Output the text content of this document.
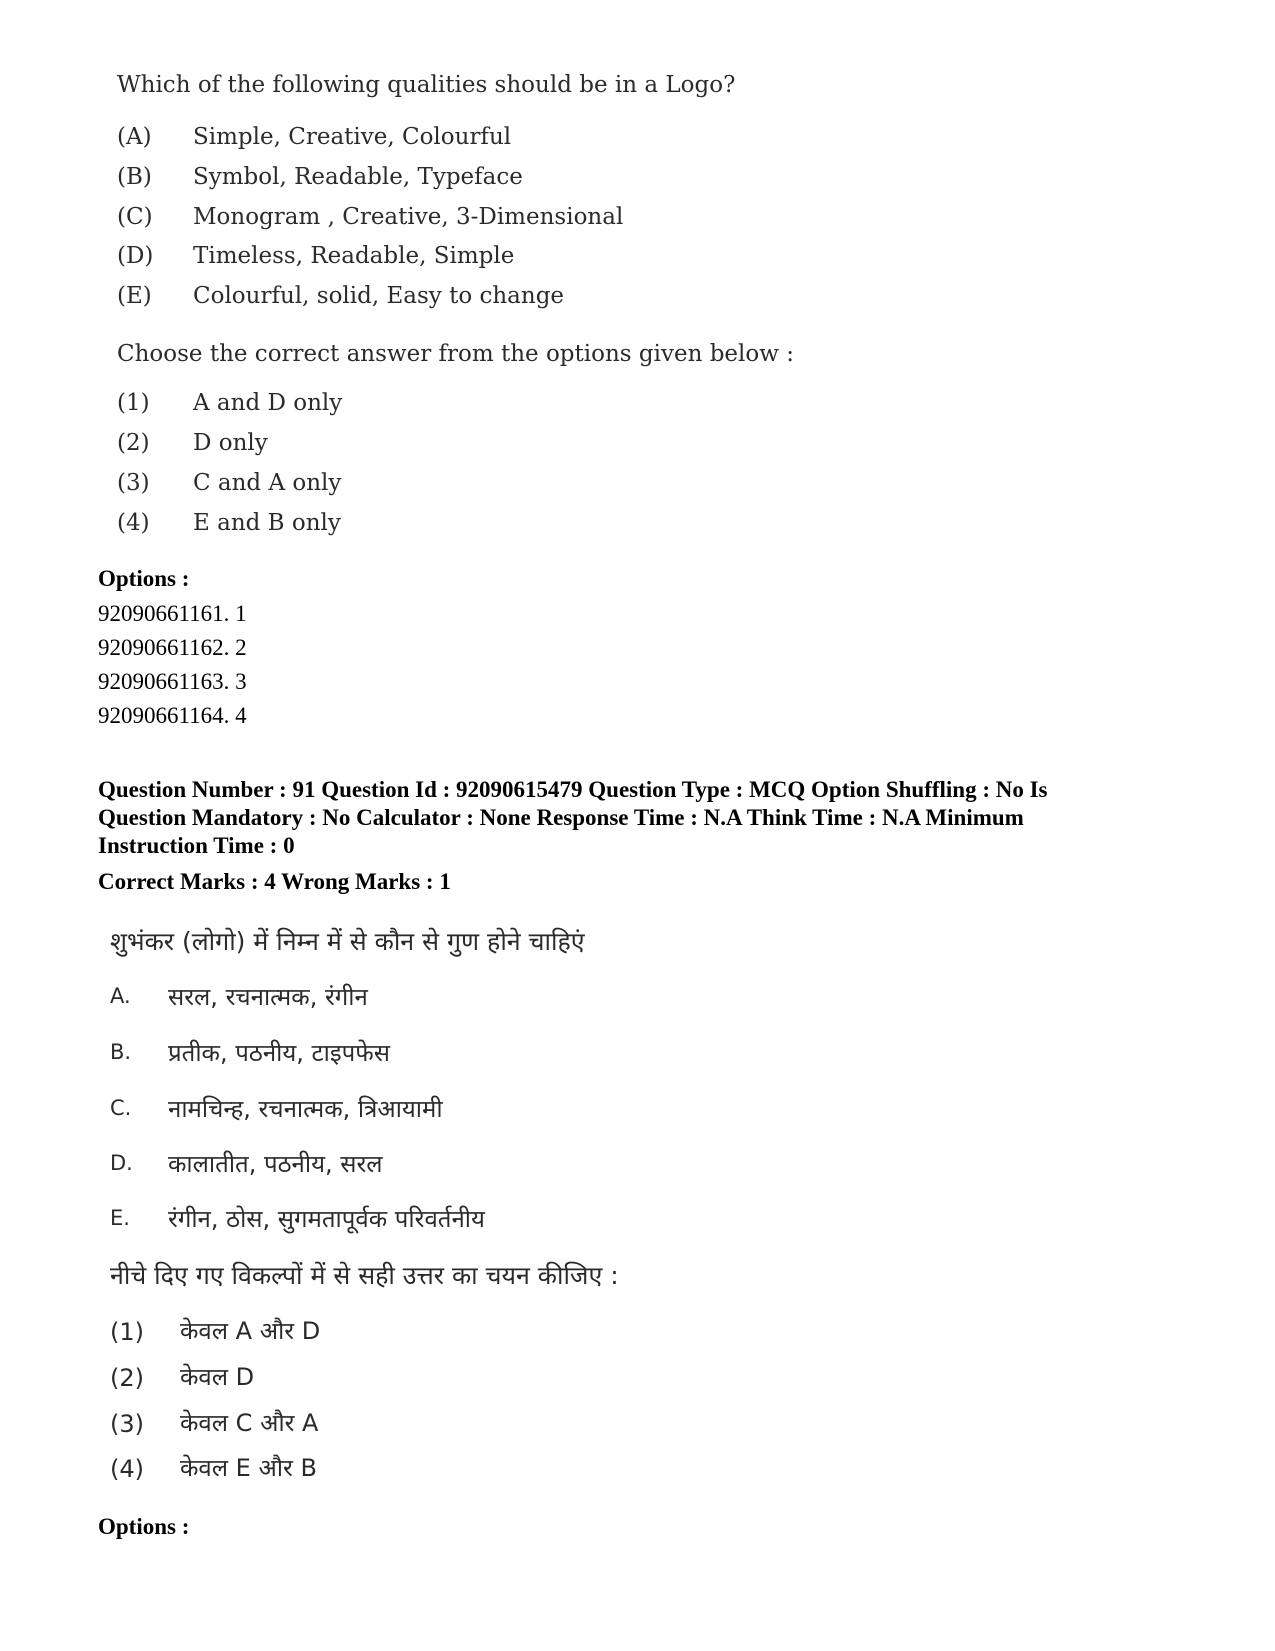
Which of the following qualities should be in a Logo?
(A) Simple, Creative, Colourful
(B) Symbol, Readable, Typeface
(C) Monogram , Creative, 3-Dimensional
(D) Timeless, Readable, Simple
(E) Colourful, solid, Easy to change
Choose the correct answer from the options given below :
(1) A and D only
(2) D only
(3) C and A only
(4) E and B only
Options :
92090661161. 1
92090661162. 2
92090661163. 3
92090661164. 4
Question Number : 91 Question Id : 92090615479 Question Type : MCQ Option Shuffling : No Is
Question Mandatory : No Calculator : None Response Time : N.A Think Time : N.A Minimum
Instruction Time : 0
Correct Marks : 4 Wrong Marks : 1
शुभंकर (लोगो) में निम्न में से कौन से गुण होने चाहिएं
A. सरल, रचनात्मक, रंगीन
B. प्रतीक, पठनीय, टाइपफेस
C. नामचिन्ह, रचनात्मक, त्रिआयामी
D. कालातीत, पठनीय, सरल
E. रंगीन, ठोस, सुगमतापूर्वक परिवर्तनीय
नीचे दिए गए विकल्पों में से सही उत्तर का चयन कीजिए :
(1) केवल A और D
(2) केवल D
(3) केवल C और A
(4) केवल E और B
Options :
